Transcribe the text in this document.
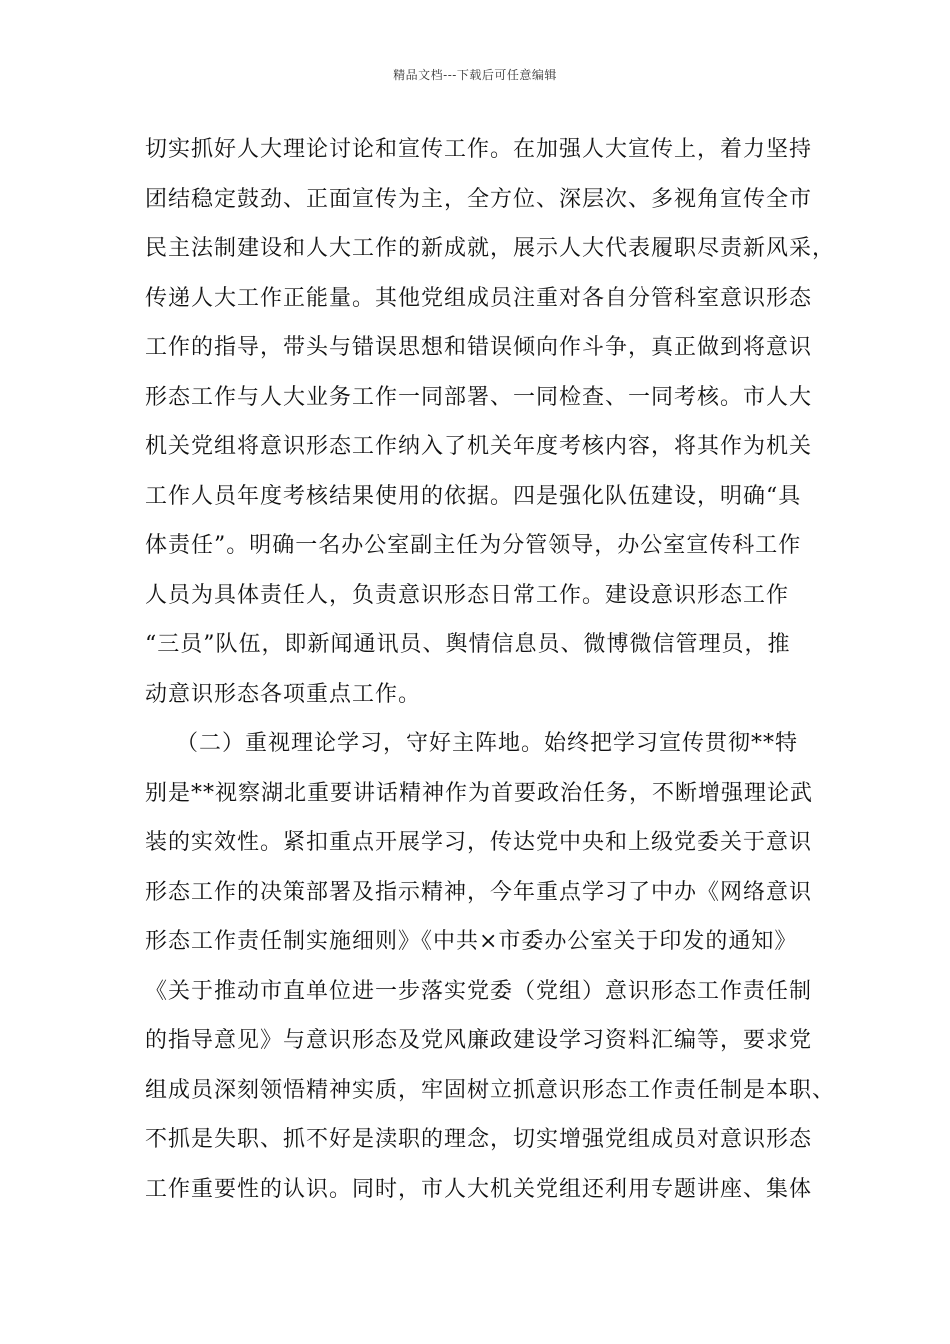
精品文档---下载后可任意编辑
切实抓好人大理论讨论和宣传工作。在加强人大宣传上，着力坚持
团结稳定鼓劲、正面宣传为主，全方位、深层次、多视角宣传全市
民主法制建设和人大工作的新成就，展示人大代表履职尽责新风采，
传递人大工作正能量。其他党组成员注重对各自分管科室意识形态
工作的指导，带头与错误思想和错误倾向作斗争，真正做到将意识
形态工作与人大业务工作一同部署、一同检查、一同考核。市人大
机关党组将意识形态工作纳入了机关年度考核内容，将其作为机关
工作人员年度考核结果使用的依据。四是强化队伍建设，明确“具
体责任”。明确一名办公室副主任为分管领导，办公室宣传科工作
人员为具体责任人，负责意识形态日常工作。建设意识形态工作
“三员”队伍，即新闻通讯员、舆情信息员、微博微信管理员，推
动意识形态各项重点工作。
（二）重视理论学习，守好主阵地。始终把学习宣传贯彻**特
别是**视察湖北重要讲话精神作为首要政治任务，不断增强理论武
装的实效性。紧扣重点开展学习，传达党中央和上级党委关于意识
形态工作的决策部署及指示精神，今年重点学习了中办《网络意识
形态工作责任制实施细则》《中共×市委办公室关于印发的通知》
《关于推动市直单位进一步落实党委（党组）意识形态工作责任制
的指导意见》与意识形态及党风廉政建设学习资料汇编等，要求党
组成员深刻领悟精神实质，牢固树立抓意识形态工作责任制是本职、
不抓是失职、抓不好是渎职的理念，切实增强党组成员对意识形态
工作重要性的认识。同时，市人大机关党组还利用专题讲座、集体
